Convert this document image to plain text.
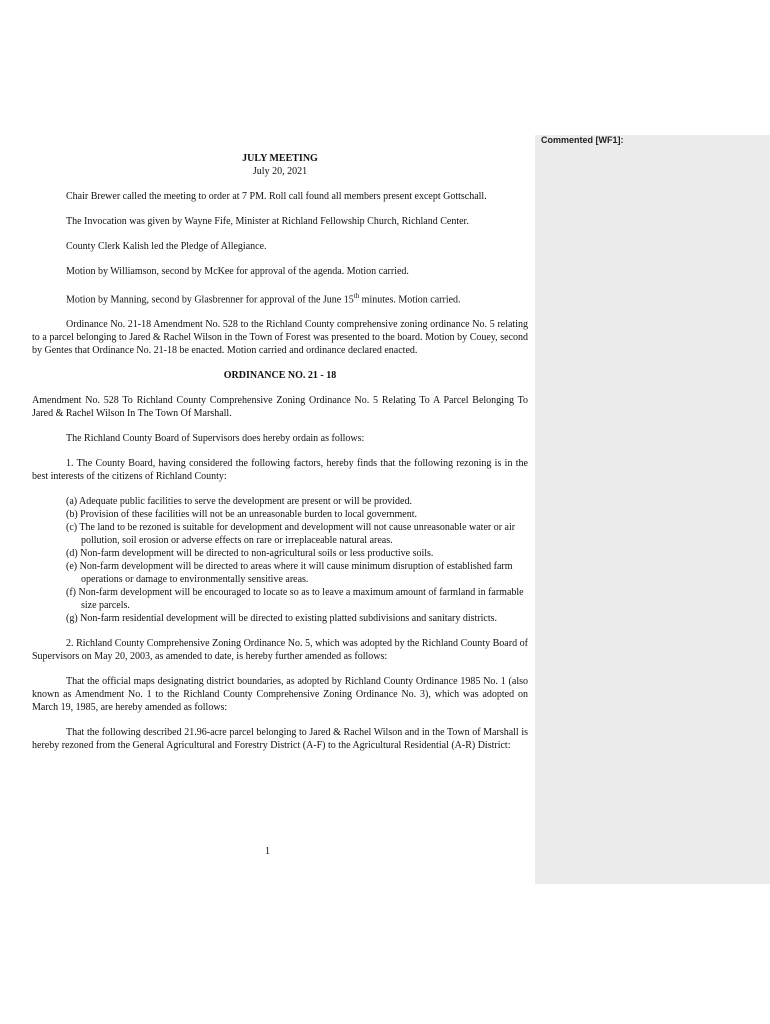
JULY MEETING
July 20, 2021

Chair Brewer called the meeting to order at 7 PM. Roll call found all members present except Gottschall.

The Invocation was given by Wayne Fife, Minister at Richland Fellowship Church, Richland Center.

County Clerk Kalish led the Pledge of Allegiance.

Motion by Williamson, second by McKee for approval of the agenda. Motion carried.

Motion by Manning, second by Glasbrenner for approval of the June 15th minutes. Motion carried.

Ordinance No. 21-18 Amendment No. 528 to the Richland County comprehensive zoning ordinance No. 5 relating to a parcel belonging to Jared & Rachel Wilson in the Town of Forest was presented to the board. Motion by Couey, second by Gentes that Ordinance No. 21-18 be enacted. Motion carried and ordinance declared enacted.

ORDINANCE NO. 21 - 18

Amendment No. 528 To Richland County Comprehensive Zoning Ordinance No. 5 Relating To A Parcel Belonging To Jared & Rachel Wilson In The Town Of Marshall.

The Richland County Board of Supervisors does hereby ordain as follows:

1. The County Board, having considered the following factors, hereby finds that the following rezoning is in the best interests of the citizens of Richland County:

(a) Adequate public facilities to serve the development are present or will be provided.
(b) Provision of these facilities will not be an unreasonable burden to local government.
(c) The land to be rezoned is suitable for development and development will not cause unreasonable water or air pollution, soil erosion or adverse effects on rare or irreplaceable natural areas.
(d) Non-farm development will be directed to non-agricultural soils or less productive soils.
(e) Non-farm development will be directed to areas where it will cause minimum disruption of established farm operations or damage to environmentally sensitive areas.
(f) Non-farm development will be encouraged to locate so as to leave a maximum amount of farmland in farmable size parcels.
(g) Non-farm residential development will be directed to existing platted subdivisions and sanitary districts.

2. Richland County Comprehensive Zoning Ordinance No. 5, which was adopted by the Richland County Board of Supervisors on May 20, 2003, as amended to date, is hereby further amended as follows:

That the official maps designating district boundaries, as adopted by Richland County Ordinance 1985 No. 1 (also known as Amendment No. 1 to the Richland County Comprehensive Zoning Ordinance No. 3), which was adopted on March 19, 1985, are hereby amended as follows:

That the following described 21.96-acre parcel belonging to Jared & Rachel Wilson and in the Town of Marshall is hereby rezoned from the General Agricultural and Forestry District (A-F) to the Agricultural Residential (A-R) District:

1
Commented [WF1]:
